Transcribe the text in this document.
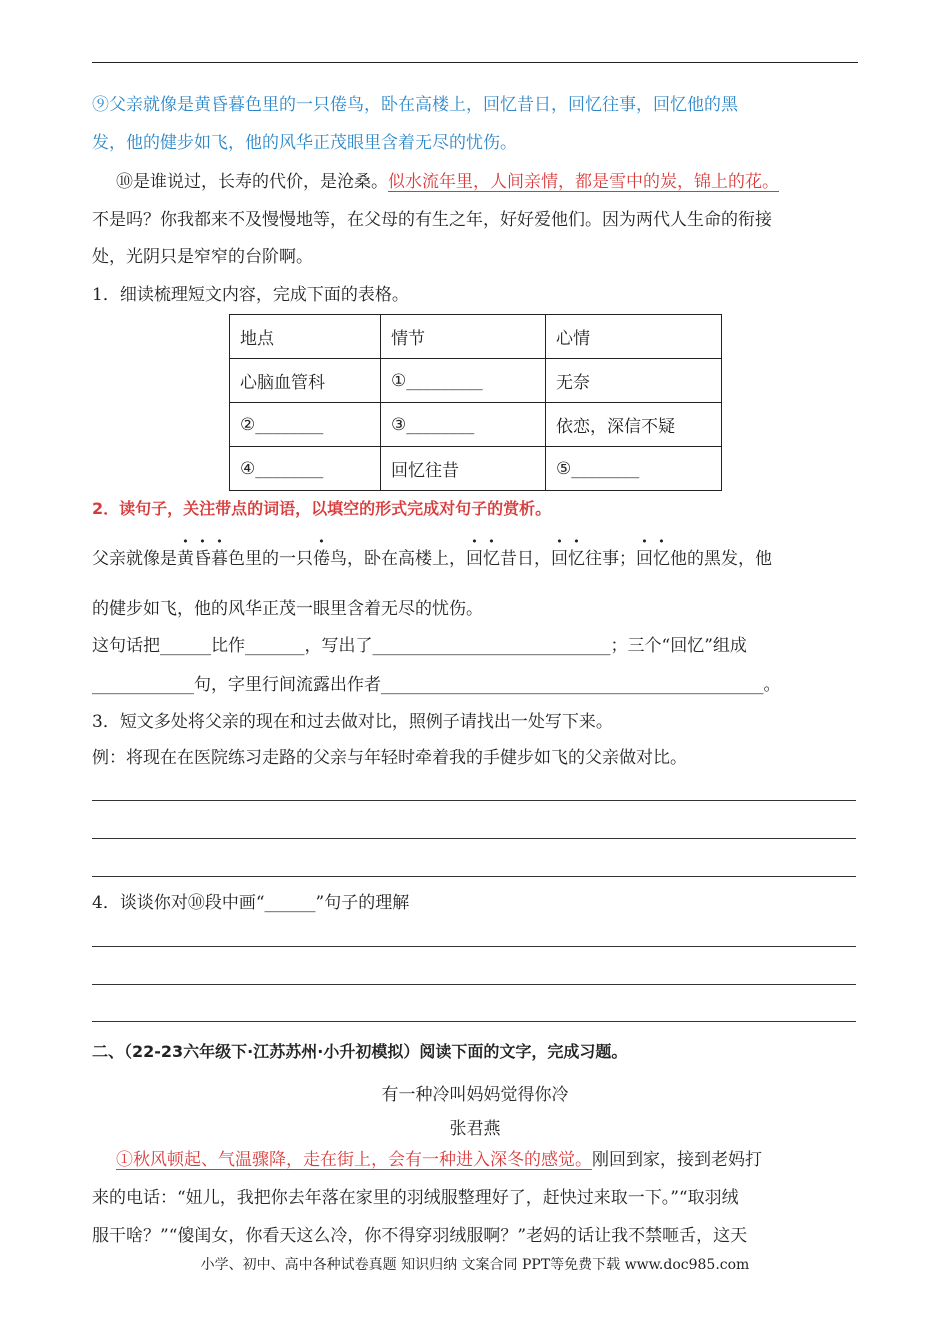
⑨父亲就像是黄昏暮色里的一只倦鸟，卧在高楼上，回忆昔日，回忆往事，回忆他的黑
发，他的健步如飞，他的风华正茂眼里含着无尽的忧伤。
⑩是谁说过，长寿的代价，是沧桑。似水流年里，人间亲情，都是雪中的炭，锦上的花。
不是吗？你我都来不及慢慢地等，在父母的有生之年，好好爱他们。因为两代人生命的衔接
处，光阴只是窄窄的台阶啊。
1．细读梳理短文内容，完成下面的表格。
地点	情节	心情
心脑血管科	①_________	无奈
②________	③________	依恋，深信不疑
④________	回忆往昔	⑤________
2．读句子，关注带点的词语，以填空的形式完成对句子的赏析。
父亲就像是黄昏暮色里的一只倦鸟，卧在高楼上，回忆昔日，回忆往事；回忆他的黑发，他
的健步如飞，他的风华正茂一眼里含着无尽的忧伤。
这句话把______比作_______，写出了____________________________；三个“回忆”组成
____________句，字里行间流露出作者_____________________________________________。
3．短文多处将父亲的现在和过去做对比，照例子请找出一处写下来。
例：将现在在医院练习走路的父亲与年轻时牵着我的手健步如飞的父亲做对比。
4．谈谈你对⑩段中画“______”句子的理解
二、（22-23六年级下·江苏苏州·小升初模拟）阅读下面的文字，完成习题。
有一种冷叫妈妈觉得你冷
张君燕
①秋风顿起、气温骤降，走在街上，会有一种进入深冬的感觉。刚回到家，接到老妈打
来的电话：“妞儿，我把你去年落在家里的羽绒服整理好了，赶快过来取一下。”“取羽绒
服干啥？”“傻闺女，你看天这么冷，你不得穿羽绒服啊？”老妈的话让我不禁咂舌，这天
小学、初中、高中各种试卷真题 知识归纳 文案合同 PPT等免费下载 www.doc985.com
